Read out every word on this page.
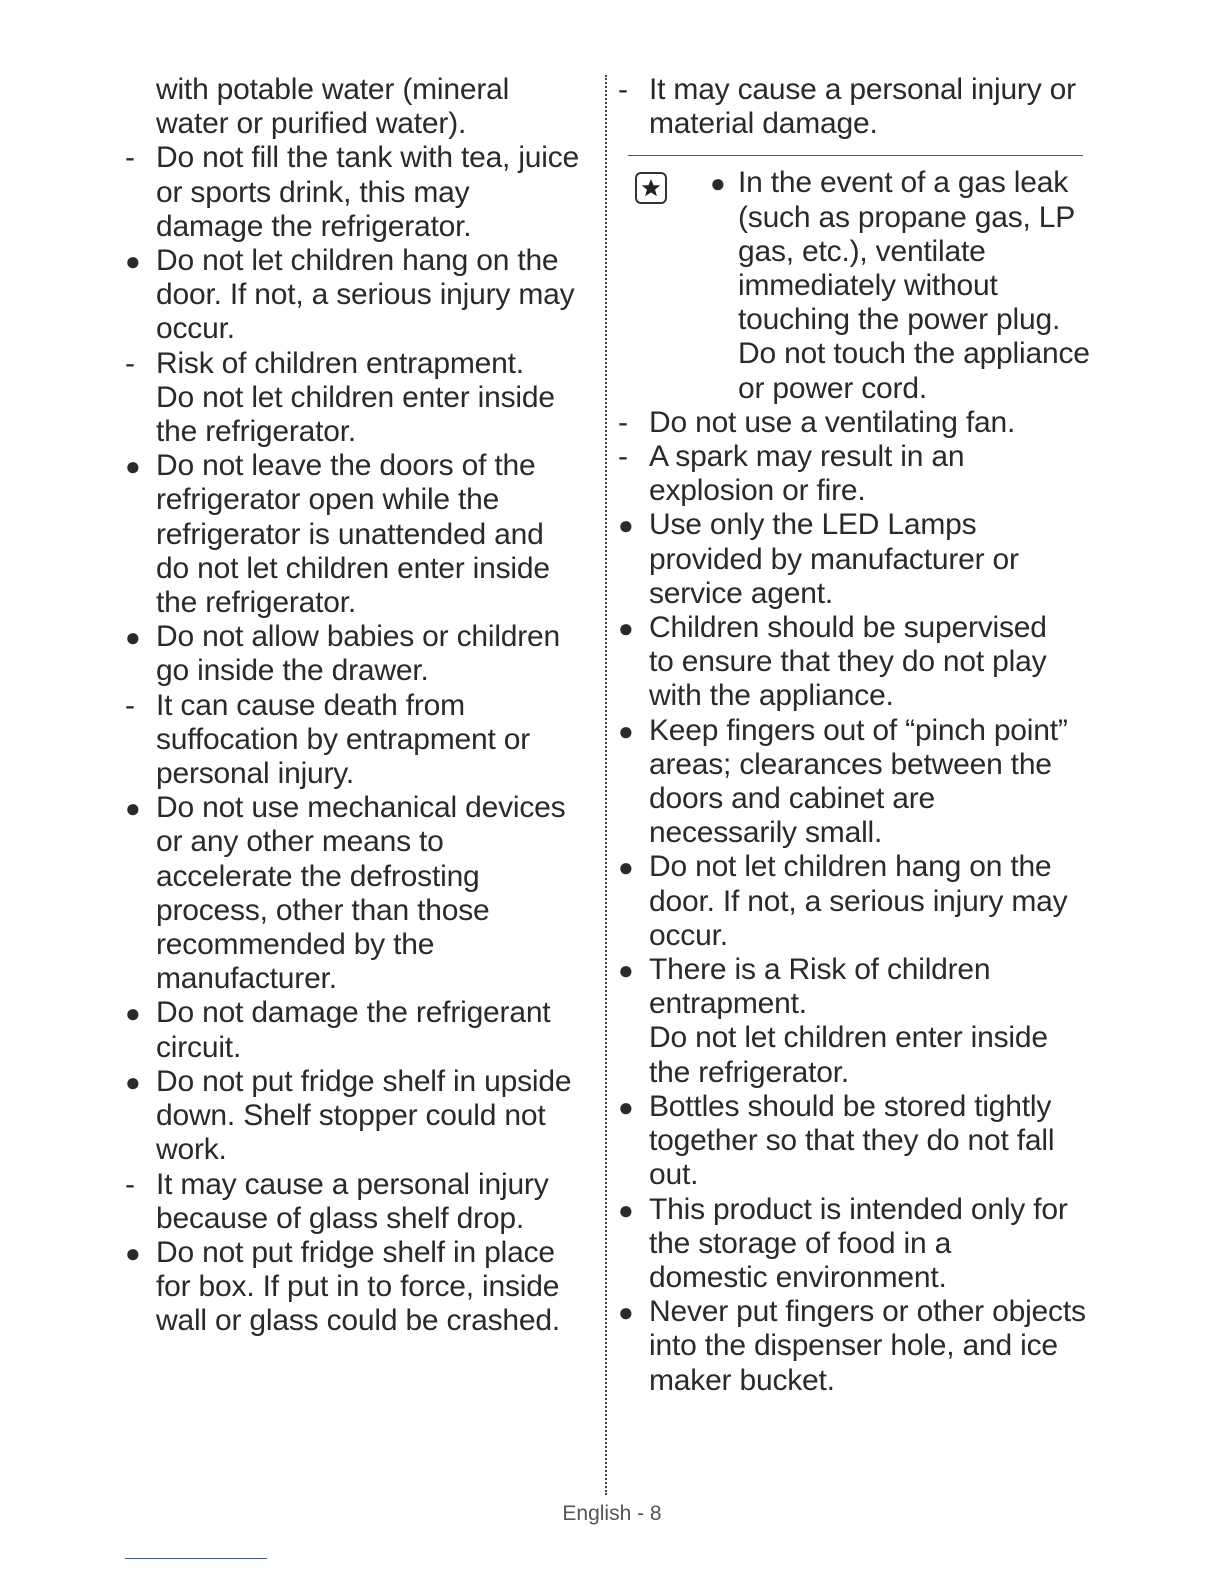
with potable water (mineral
water or purified water).
- Do not fill the tank with tea, juice
or sports drink, this may
damage the refrigerator.
● Do not let children hang on the
door. If not, a serious injury may
occur.
- Risk of children entrapment.
Do not let children enter inside
the refrigerator.
● Do not leave the doors of the
refrigerator open while the
refrigerator is unattended and
do not let children enter inside
the refrigerator.
● Do not allow babies or children
go inside the drawer.
- It can cause death from
suffocation by entrapment or
personal injury.
● Do not use mechanical devices
or any other means to
accelerate the defrosting
process, other than those
recommended by the
manufacturer.
● Do not damage the refrigerant
circuit.
● Do not put fridge shelf in upside
down. Shelf stopper could not
work.
- It may cause a personal injury
because of glass shelf drop.
● Do not put fridge shelf in place
for box. If put in to force, inside
wall or glass could be crashed.
- It may cause a personal injury or
material damage.
● In the event of a gas leak
(such as propane gas, LP
gas, etc.), ventilate
immediately without
touching the power plug.
Do not touch the appliance
or power cord.
- Do not use a ventilating fan.
- A spark may result in an
explosion or fire.
● Use only the LED Lamps
provided by manufacturer or
service agent.
● Children should be supervised
to ensure that they do not play
with the appliance.
● Keep fingers out of “pinch point”
areas; clearances between the
doors and cabinet are
necessarily small.
● Do not let children hang on the
door. If not, a serious injury may
occur.
● There is a Risk of children
entrapment.
Do not let children enter inside
the refrigerator.
● Bottles should be stored tightly
together so that they do not fall
out.
● This product is intended only for
the storage of food in a
domestic environment.
● Never put fingers or other objects
into the dispenser hole, and ice
maker bucket.
English - 8
